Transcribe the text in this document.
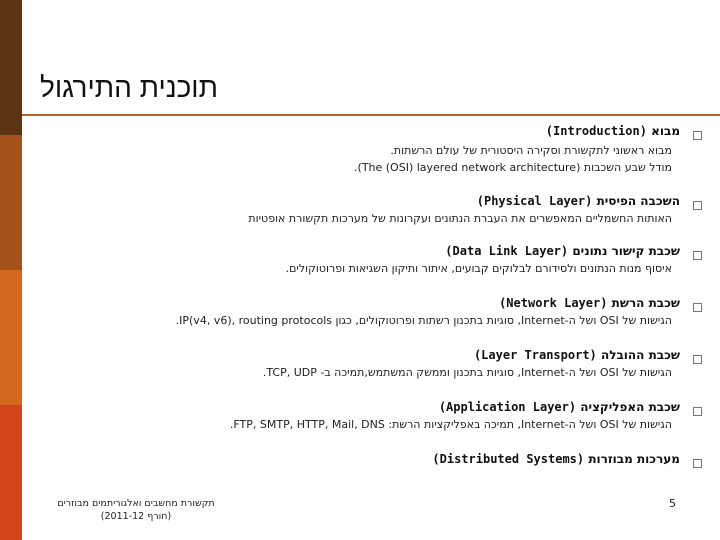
תוכנית התירגול
מבוא (Introduction)
מבוא ראשוני לתקשורת וסקירה היסטורית של עולם הרשתות.
מודל שבע השכבות (The (OSI) layered network architecture).
השכבה הפיסית (Physical Layer)
האותות החשמליים המאפשרים את העברת הנתונים ועקרונות של מערכות תקשורת אופטיות
שכבת קישור נתונים (Data Link Layer)
איסוף מנות הנתונים ולסידורם לבלוקים קבועים, איתור ותיקון השגיאות ופרוטוקולים.
שכבת הרשת (Network Layer)
הגישות של OSI ושל ה-Internet, סוגיות בתכנון רשתות ופרוטוקולים, כגון IP(v4, v6), routing protocols.
שכבת ההובלה (Layer Transport)
הגישות של OSI ושל ה-Internet, סוגיות בתכנון וממשק המשתמש,תמיכה ב- TCP, UDP.
שכבת האפליקציה (Application Layer)
הגישות של OSI ושל ה-Internet, תמיכה באפליקציות הרשת: FTP, SMTP, HTTP, Mail, DNS.
מערכות מבוזרות (Distributed Systems)
תקשורת מחשבים ואלגוריתמים מבוזרים
(חורף 2011-12)
5
